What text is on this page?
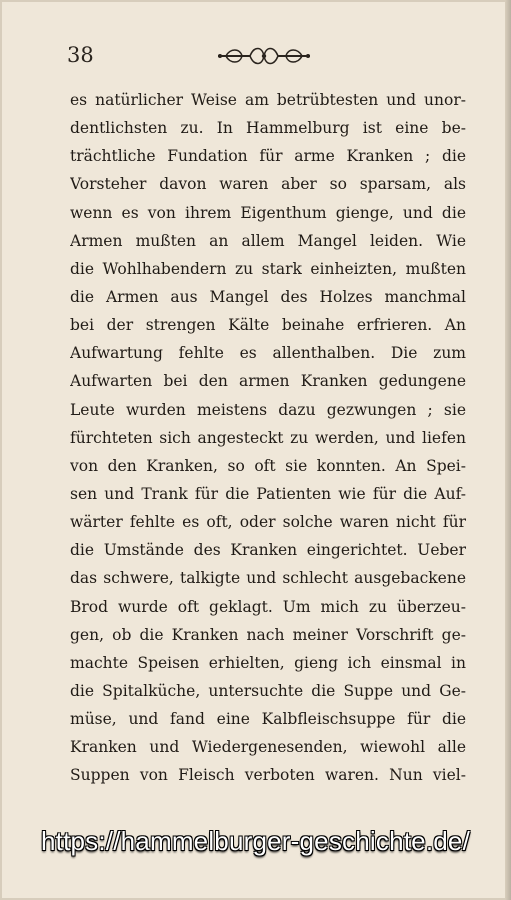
38
es natürlicher Weise am betrübtesten und unor-
dentlichsten zu. In Hammelburg ist eine be-
trächtliche Fundation für arme Kranken ; die
Vorsteher davon waren aber so sparsam, als
wenn es von ihrem Eigenthum gienge, und die
Armen mußten an allem Mangel leiden. Wie
die Wohlhabendern zu stark einheizten, mußten
die Armen aus Mangel des Holzes manchmal
bei der strengen Kälte beinahe erfrieren. An
Aufwartung fehlte es allenthalben. Die zum
Aufwarten bei den armen Kranken gedungene
Leute wurden meistens dazu gezwungen ; sie
fürchteten sich angesteckt zu werden, und liefen
von den Kranken, so oft sie konnten. An Spei-
sen und Trank für die Patienten wie für die Auf-
wärter fehlte es oft, oder solche waren nicht für
die Umstände des Kranken eingerichtet. Ueber
das schwere, talkigte und schlecht ausgebackene
Brod wurde oft geklagt. Um mich zu überzeu-
gen, ob die Kranken nach meiner Vorschrift ge-
machte Speisen erhielten, gieng ich einsmal in
die Spitalküche, untersuchte die Suppe und Ge-
müse, und fand eine Kalbfleischsuppe für die
Kranken und Wiedergenesenden, wiewohl alle
Suppen von Fleisch verboten waren. Nun viel-
https://hammelburger-geschichte.de/
